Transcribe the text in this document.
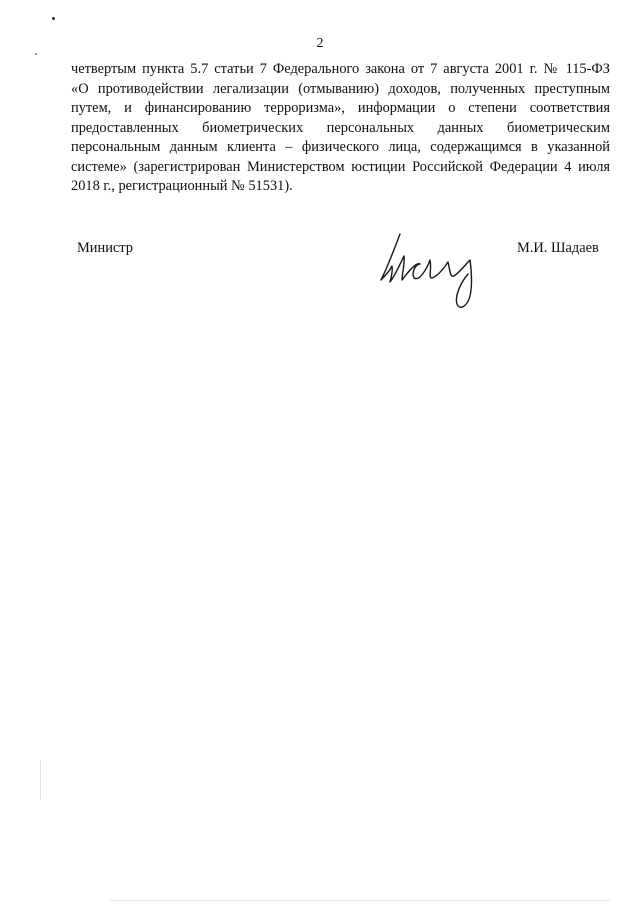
2
четвертым пункта 5.7 статьи 7 Федерального закона от 7 августа 2001 г. № 115-ФЗ
«О противодействии легализации (отмыванию) доходов, полученных преступным
путем, и финансированию терроризма», информации о степени соответствия
предоставленных биометрических персональных данных биометрическим
персональным данным клиента – физического лица, содержащимся в указанной
системе» (зарегистрирован Министерством юстиции Российской Федерации 4 июля
2018 г., регистрационный № 51531).
Министр	М.И. Шадаев
